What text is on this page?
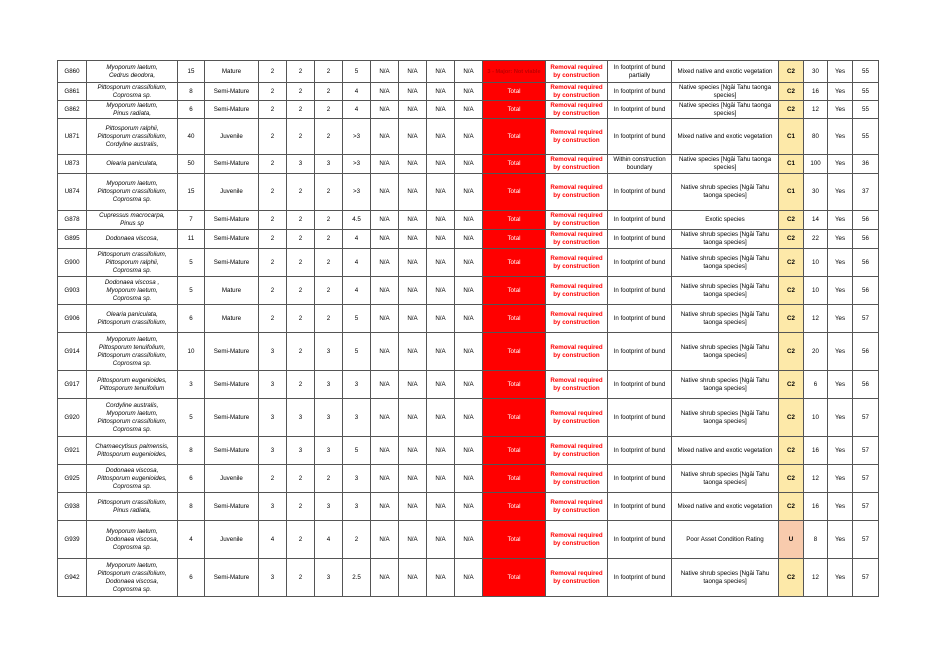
G860	Myoporum laetum,
Cedrus deodora,	15	Mature	2	2	2	5	N/A	N/A	N/A	N/A	3 - Major: Not viable	Removal required by construction	In footprint of bund partially	Mixed native and exotic vegetation	C2	30	Yes	55
G861	Pittosporum crassifolium,
Coprosma sp.	8	Semi-Mature	2	2	2	4	N/A	N/A	N/A	N/A	Total	Removal required by construction	In footprint of bund	Native species [Ngāi Tahu taonga species]	C2	16	Yes	55
G862	Myoporum laetum,
Pinus radiata,	6	Semi-Mature	2	2	2	4	N/A	N/A	N/A	N/A	Total	Removal required by construction	In footprint of bund	Native species [Ngāi Tahu taonga species]	C2	12	Yes	55
U871	Pittosporum ralphii,
Pittosporum crassifolium,
Cordyline australis,	40	Juvenile	2	2	2	>3	N/A	N/A	N/A	N/A	Total	Removal required by construction	In footprint of bund	Mixed native and exotic vegetation	C1	80	Yes	55
U873	Olearia paniculata,	50	Semi-Mature	2	3	3	>3	N/A	N/A	N/A	N/A	Total	Removal required by construction	Within construction boundary	Native species [Ngāi Tahu taonga species]	C1	100	Yes	36
U874	Myoporum laetum,
Pittosporum crassifolium,
Coprosma sp.	15	Juvenile	2	2	2	>3	N/A	N/A	N/A	N/A	Total	Removal required by construction	In footprint of bund	Native shrub species [Ngāi Tahu taonga species]	C1	30	Yes	37
G878	Cupressus macrocarpa,
Pinus sp	7	Semi-Mature	2	2	2	4.5	N/A	N/A	N/A	N/A	Total	Removal required by construction	In footprint of bund	Exotic species	C2	14	Yes	56
G895	Dodonaea viscosa,	11	Semi-Mature	2	2	2	4	N/A	N/A	N/A	N/A	Total	Removal required by construction	In footprint of bund	Native shrub species [Ngāi Tahu taonga species]	C2	22	Yes	56
G900	Pittosporum crassifolium,
Pittosporum ralphii,
Coprosma sp.	5	Semi-Mature	2	2	2	4	N/A	N/A	N/A	N/A	Total	Removal required by construction	In footprint of bund	Native shrub species [Ngāi Tahu taonga species]	C2	10	Yes	56
G903	Dodonaea viscosa ,
Myoporum laetum,
Coprosma sp.	5	Mature	2	2	2	4	N/A	N/A	N/A	N/A	Total	Removal required by construction	In footprint of bund	Native shrub species [Ngāi Tahu taonga species]	C2	10	Yes	56
G906	Olearia paniculata,
Pittosporum crassifolium,	6	Mature	2	2	2	5	N/A	N/A	N/A	N/A	Total	Removal required by construction	In footprint of bund	Native shrub species [Ngāi Tahu taonga species]	C2	12	Yes	57
G914	Myoporum laetum,
Pittosporum tenuifolium,
Pittosporum crassifolium,
Coprosma sp.	10	Semi-Mature	3	2	3	5	N/A	N/A	N/A	N/A	Total	Removal required by construction	In footprint of bund	Native shrub species [Ngāi Tahu taonga species]	C2	20	Yes	56
G917	Pittosporum eugenioides,
Pittosporum tenuifolium	3	Semi-Mature	3	2	3	3	N/A	N/A	N/A	N/A	Total	Removal required by construction	In footprint of bund	Native shrub species [Ngāi Tahu taonga species]	C2	6	Yes	56
G920	Cordyline australis,
Myoporum laetum,
Pittosporum crassifolium,
Coprosma sp.	5	Semi-Mature	3	3	3	3	N/A	N/A	N/A	N/A	Total	Removal required by construction	In footprint of bund	Native shrub species [Ngāi Tahu taonga species]	C2	10	Yes	57
G921	Chamaecytisus palmensis,
Pittosporum eugenioides,	8	Semi-Mature	3	3	3	5	N/A	N/A	N/A	N/A	Total	Removal required by construction	In footprint of bund	Mixed native and exotic vegetation	C2	16	Yes	57
G925	Dodonaea viscosa,
Pittosporum eugenioides,
Coprosma sp.	6	Juvenile	2	2	2	3	N/A	N/A	N/A	N/A	Total	Removal required by construction	In footprint of bund	Native shrub species [Ngāi Tahu taonga species]	C2	12	Yes	57
G938	Pittosporum crassifolium,
Pinus radiata,	8	Semi-Mature	3	2	3	3	N/A	N/A	N/A	N/A	Total	Removal required by construction	In footprint of bund	Mixed native and exotic vegetation	C2	16	Yes	57
G939	Myoporum laetum,
Dodonaea viscosa,
Coprosma sp.	4	Juvenile	4	2	4	2	N/A	N/A	N/A	N/A	Total	Removal required by construction	In footprint of bund	Poor Asset Condition Rating	U	8	Yes	57
G942	Myoporum laetum,
Pittosporum crassifolium,
Dodonaea viscosa,
Coprosma sp.	6	Semi-Mature	3	2	3	2.5	N/A	N/A	N/A	N/A	Total	Removal required by construction	In footprint of bund	Native shrub species [Ngāi Tahu taonga species]	C2	12	Yes	57
